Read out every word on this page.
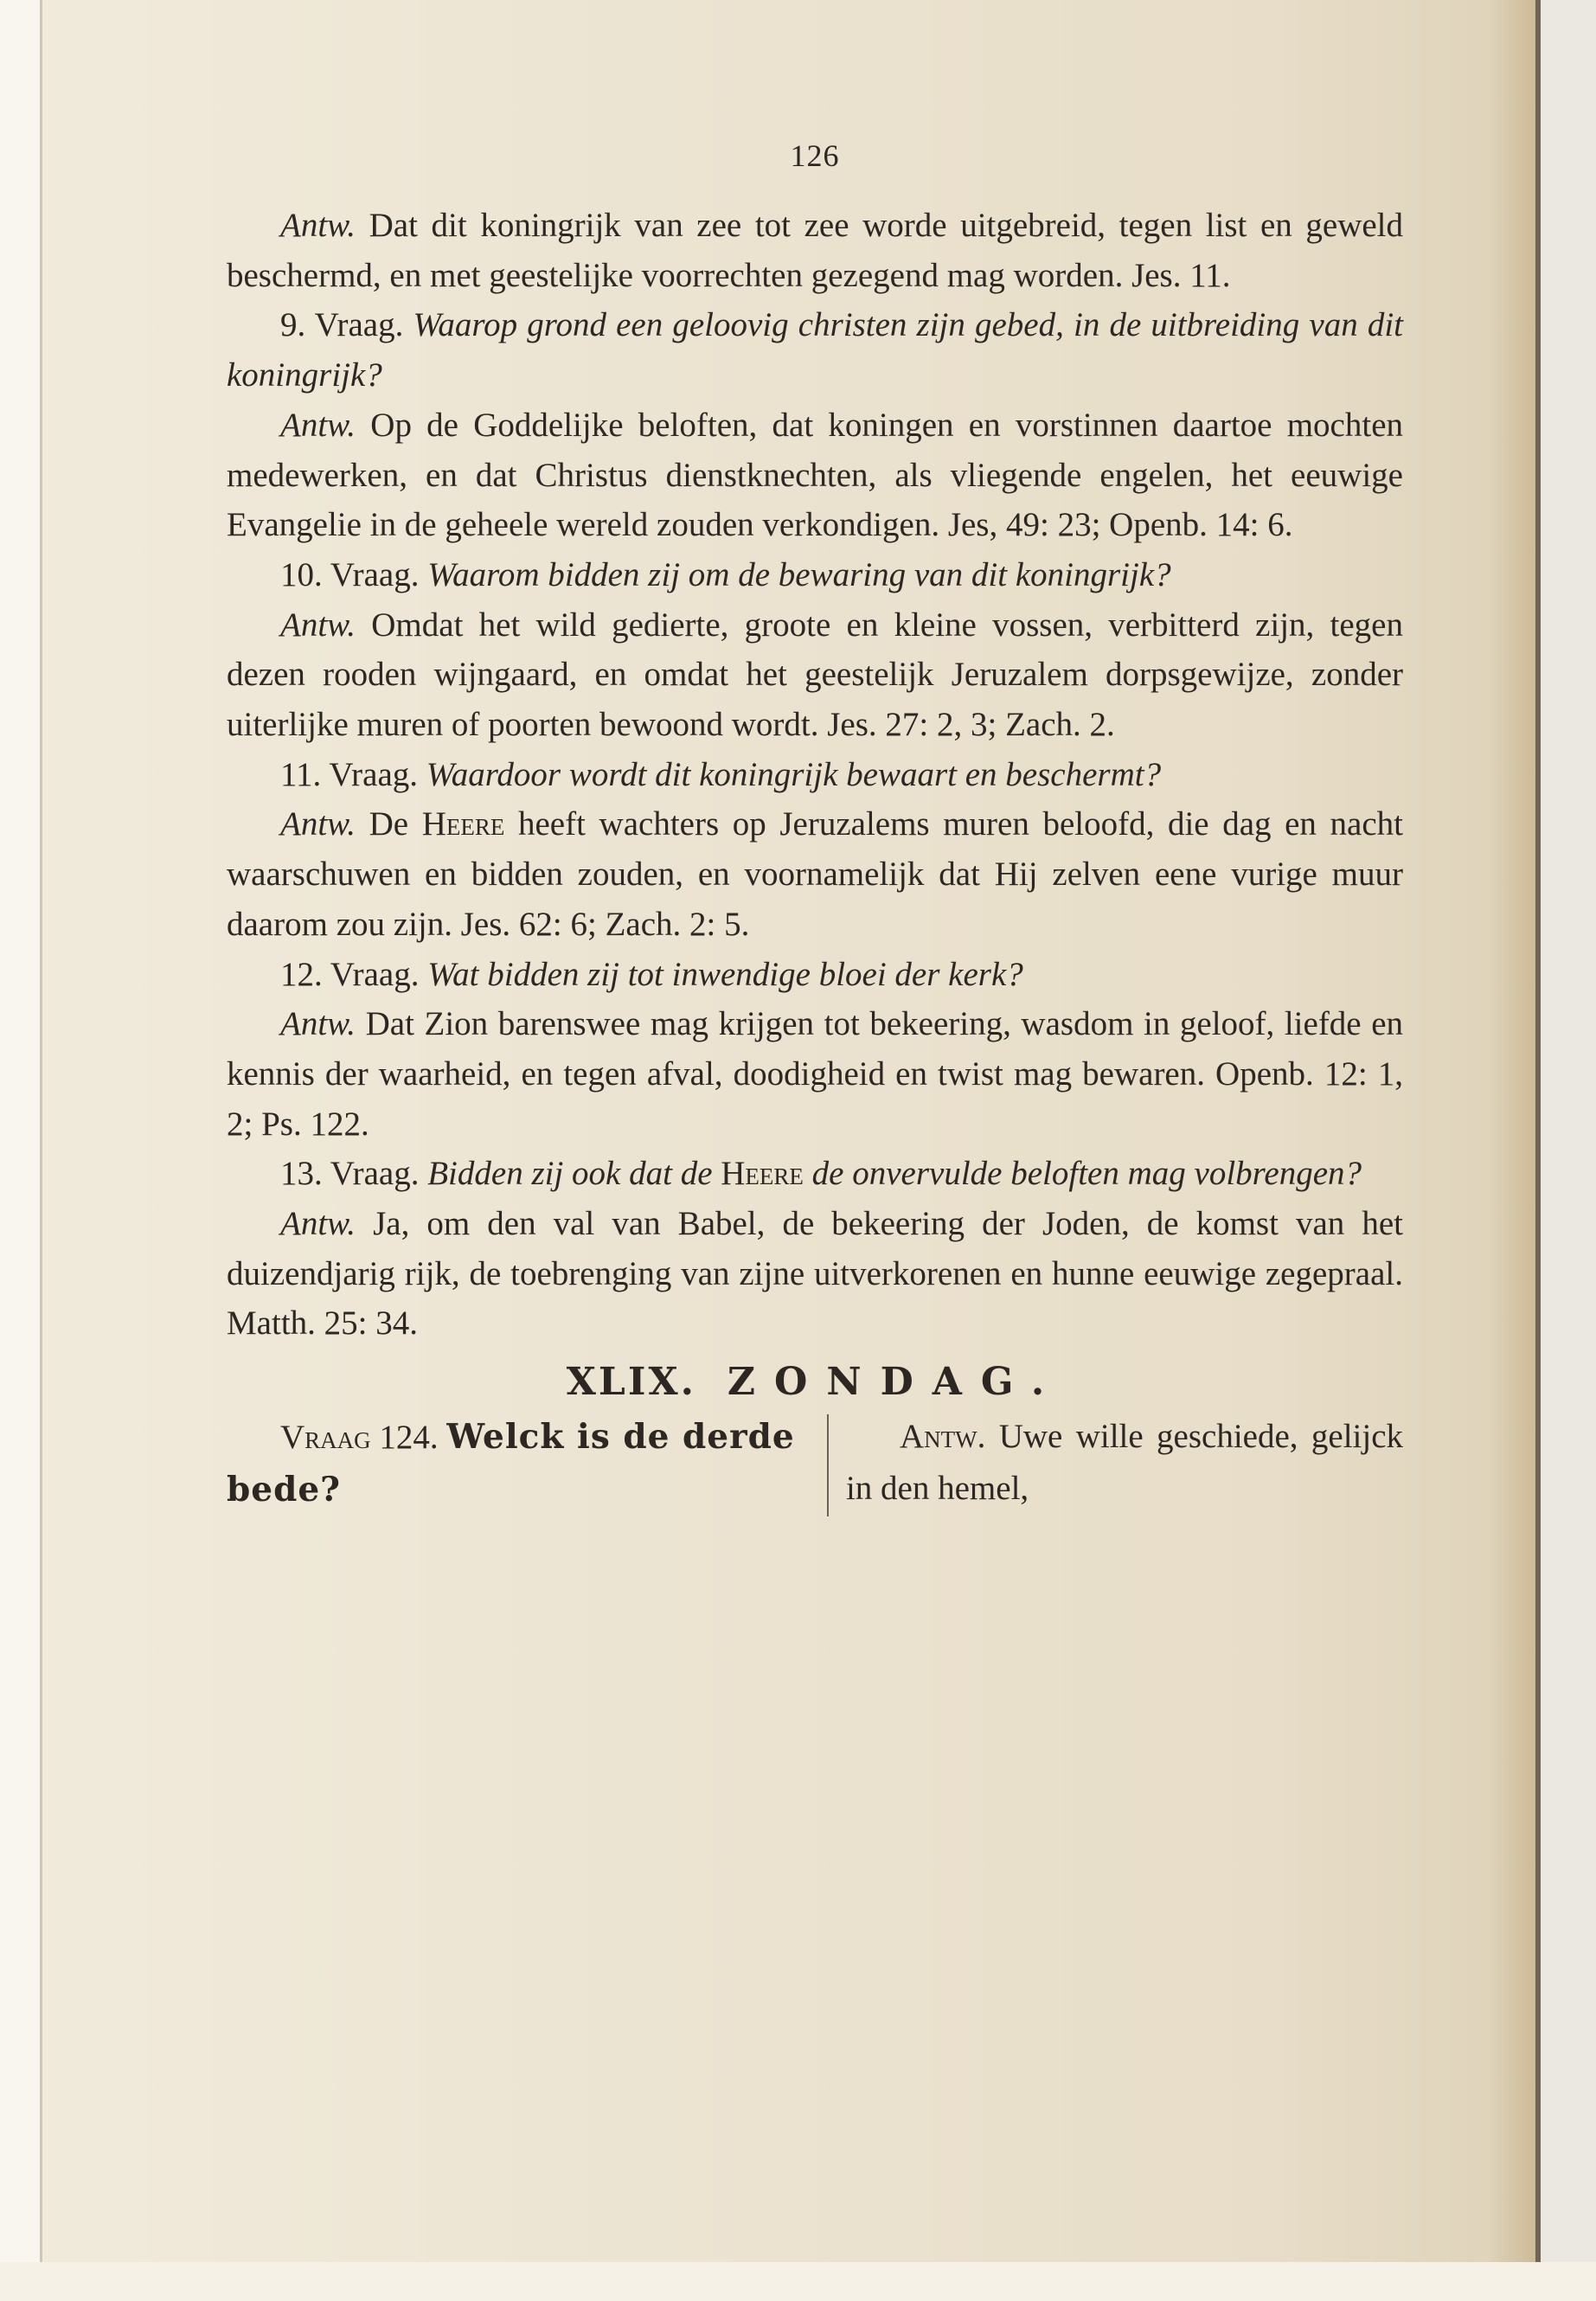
126

Antw. Dat dit koningrijk van zee tot zee worde uitgebreid, tegen list en geweld beschermd, en met geestelijke voorrechten gezegend mag worden. Jes. 11.

9. Vraag. Waarop grond een geloovig christen zijn gebed, in de uitbreiding van dit koningrijk?

Antw. Op de Goddelijke beloften, dat koningen en vorstinnen daartoe mochten medewerken, en dat Christus dienstknechten, als vliegende engelen, het eeuwige Evangelie in de geheele wereld zouden verkondigen. Jes, 49: 23; Openb. 14: 6.

10. Vraag. Waarom bidden zij om de bewaring van dit koningrijk?

Antw. Omdat het wild gedierte, groote en kleine vossen, verbitterd zijn, tegen dezen rooden wijngaard, en omdat het geestelijk Jeruzalem dorpsgewijze, zonder uiterlijke muren of poorten bewoond wordt. Jes. 27: 2, 3; Zach. 2.

11. Vraag. Waardoor wordt dit koningrijk bewaart en beschermt?

Antw. De Heere heeft wachters op Jeruzalems muren beloofd, die dag en nacht waarschuwen en bidden zouden, en voornamelijk dat Hij zelven eene vurige muur daarom zou zijn. Jes. 62: 6; Zach. 2: 5.

12. Vraag. Wat bidden zij tot inwendige bloei der kerk?

Antw. Dat Zion barenswee mag krijgen tot bekeering, wasdom in geloof, liefde en kennis der waarheid, en tegen afval, doodigheid en twist mag bewaren. Openb. 12: 1, 2; Ps. 122.

13. Vraag. Bidden zij ook dat de Heere de onvervulde beloften mag volbrengen?

Antw. Ja, om den val van Babel, de bekeering der Joden, de komst van het duizendjarig rijk, de toebrenging van zijne uitverkorenen en hunne eeuwige zegepraal. Matth. 25: 34.

XLIX. ZONDAG.

Vraag 124. Welck is de derde bede?

Antw. Uwe wille geschiede, gelijck in den hemel,
